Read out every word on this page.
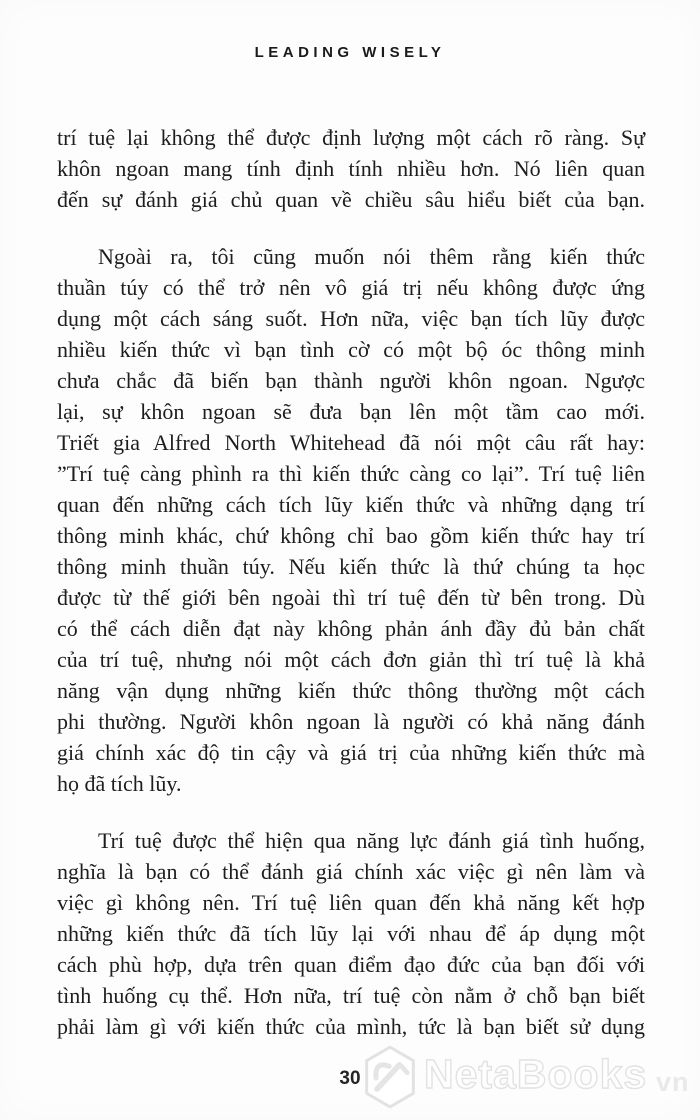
LEADING WISELY
trí tuệ lại không thể được định lượng một cách rõ ràng. Sự
khôn ngoan mang tính định tính nhiều hơn. Nó liên quan
đến sự đánh giá chủ quan về chiều sâu hiểu biết của bạn.
Ngoài ra, tôi cũng muốn nói thêm rằng kiến thức
thuần túy có thể trở nên vô giá trị nếu không được ứng
dụng một cách sáng suốt. Hơn nữa, việc bạn tích lũy được
nhiều kiến thức vì bạn tình cờ có một bộ óc thông minh
chưa chắc đã biến bạn thành người khôn ngoan. Ngược
lại, sự khôn ngoan sẽ đưa bạn lên một tầm cao mới.
Triết gia Alfred North Whitehead đã nói một câu rất hay:
”Trí tuệ càng phình ra thì kiến thức càng co lại”. Trí tuệ liên
quan đến những cách tích lũy kiến thức và những dạng trí
thông minh khác, chứ không chỉ bao gồm kiến thức hay trí
thông minh thuần túy. Nếu kiến thức là thứ chúng ta học
được từ thế giới bên ngoài thì trí tuệ đến từ bên trong. Dù
có thể cách diễn đạt này không phản ánh đầy đủ bản chất
của trí tuệ, nhưng nói một cách đơn giản thì trí tuệ là khả
năng vận dụng những kiến thức thông thường một cách
phi thường. Người khôn ngoan là người có khả năng đánh
giá chính xác độ tin cậy và giá trị của những kiến thức mà
họ đã tích lũy.
Trí tuệ được thể hiện qua năng lực đánh giá tình huống,
nghĩa là bạn có thể đánh giá chính xác việc gì nên làm và
việc gì không nên. Trí tuệ liên quan đến khả năng kết hợp
những kiến thức đã tích lũy lại với nhau để áp dụng một
cách phù hợp, dựa trên quan điểm đạo đức của bạn đối với
tình huống cụ thể. Hơn nữa, trí tuệ còn nằm ở chỗ bạn biết
phải làm gì với kiến thức của mình, tức là bạn biết sử dụng
30	NetaBooks vn
